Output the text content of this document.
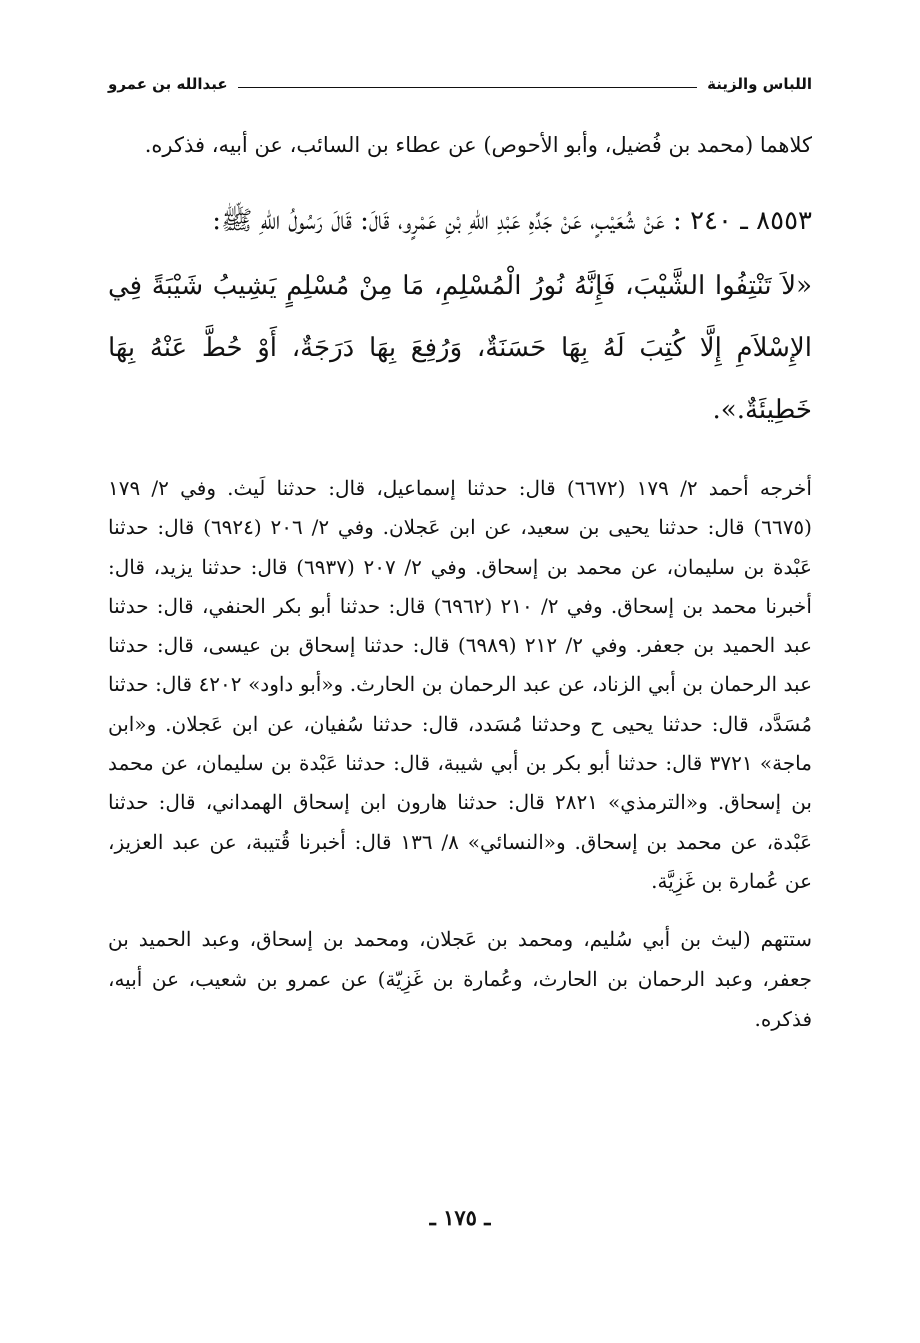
اللباس والزينة
عبدالله بن عمرو

كلاهما (محمد بن فُضيل، وأبو الأحوص) عن عطاء بن السائب، عن أبيه، فذكره.

٨٥٥٣ ـ ٢٤٠ : عَنْ شُعَيْبٍ، عَنْ جَدِّهِ عَبْدِ اللهِ بْنِ عَمْرٍو، قَالَ: قَالَ رَسُولُ اللهِ ﷺ:

«لاَ تَنْتِفُوا الشَّيْبَ، فَإِنَّهُ نُورُ الْمُسْلِمِ، مَا مِنْ مُسْلِمٍ يَشِيبُ شَيْبَةً فِي الإِسْلاَمِ إِلَّا كُتِبَ لَهُ بِهَا حَسَنَةٌ، وَرُفِعَ بِهَا دَرَجَةٌ، أَوْ حُطَّ عَنْهُ بِهَا خَطِيئَةٌ.».

أخرجه أحمد ٢/ ١٧٩ (٦٦٧٢) قال: حدثنا إسماعيل، قال: حدثنا لَيث. وفي ٢/ ١٧٩ (٦٦٧٥) قال: حدثنا يحيى بن سعيد، عن ابن عَجلان. وفي ٢/ ٢٠٦ (٦٩٢٤) قال: حدثنا عَبْدة بن سليمان، عن محمد بن إسحاق. وفي ٢/ ٢٠٧ (٦٩٣٧) قال: حدثنا يزيد، قال: أخبرنا محمد بن إسحاق. وفي ٢/ ٢١٠ (٦٩٦٢) قال: حدثنا أبو بكر الحنفي، قال: حدثنا عبد الحميد بن جعفر. وفي ٢/ ٢١٢ (٦٩٨٩) قال: حدثنا إسحاق بن عيسى، قال: حدثنا عبد الرحمان بن أبي الزناد، عن عبد الرحمان بن الحارث. و«أبو داود» ٤٢٠٢ قال: حدثنا مُسَدَّد، قال: حدثنا يحيى ح وحدثنا مُسَدد، قال: حدثنا سُفيان، عن ابن عَجلان. و«ابن ماجة» ٣٧٢١ قال: حدثنا أبو بكر بن أبي شيبة، قال: حدثنا عَبْدة بن سليمان، عن محمد بن إسحاق. و«الترمذي» ٢٨٢١ قال: حدثنا هارون ابن إسحاق الهمداني، قال: حدثنا عَبْدة، عن محمد بن إسحاق. و«النسائي» ٨/ ١٣٦ قال: أخبرنا قُتيبة، عن عبد العزيز، عن عُمارة بن غَزِيَّة.

ستتهم (ليث بن أبي سُليم، ومحمد بن عَجلان، ومحمد بن إسحاق، وعبد الحميد بن جعفر، وعبد الرحمان بن الحارث، وعُمارة بن غَزِيّة) عن عمرو بن شعيب، عن أبيه، فذكره.

ـ ١٧٥ ـ
